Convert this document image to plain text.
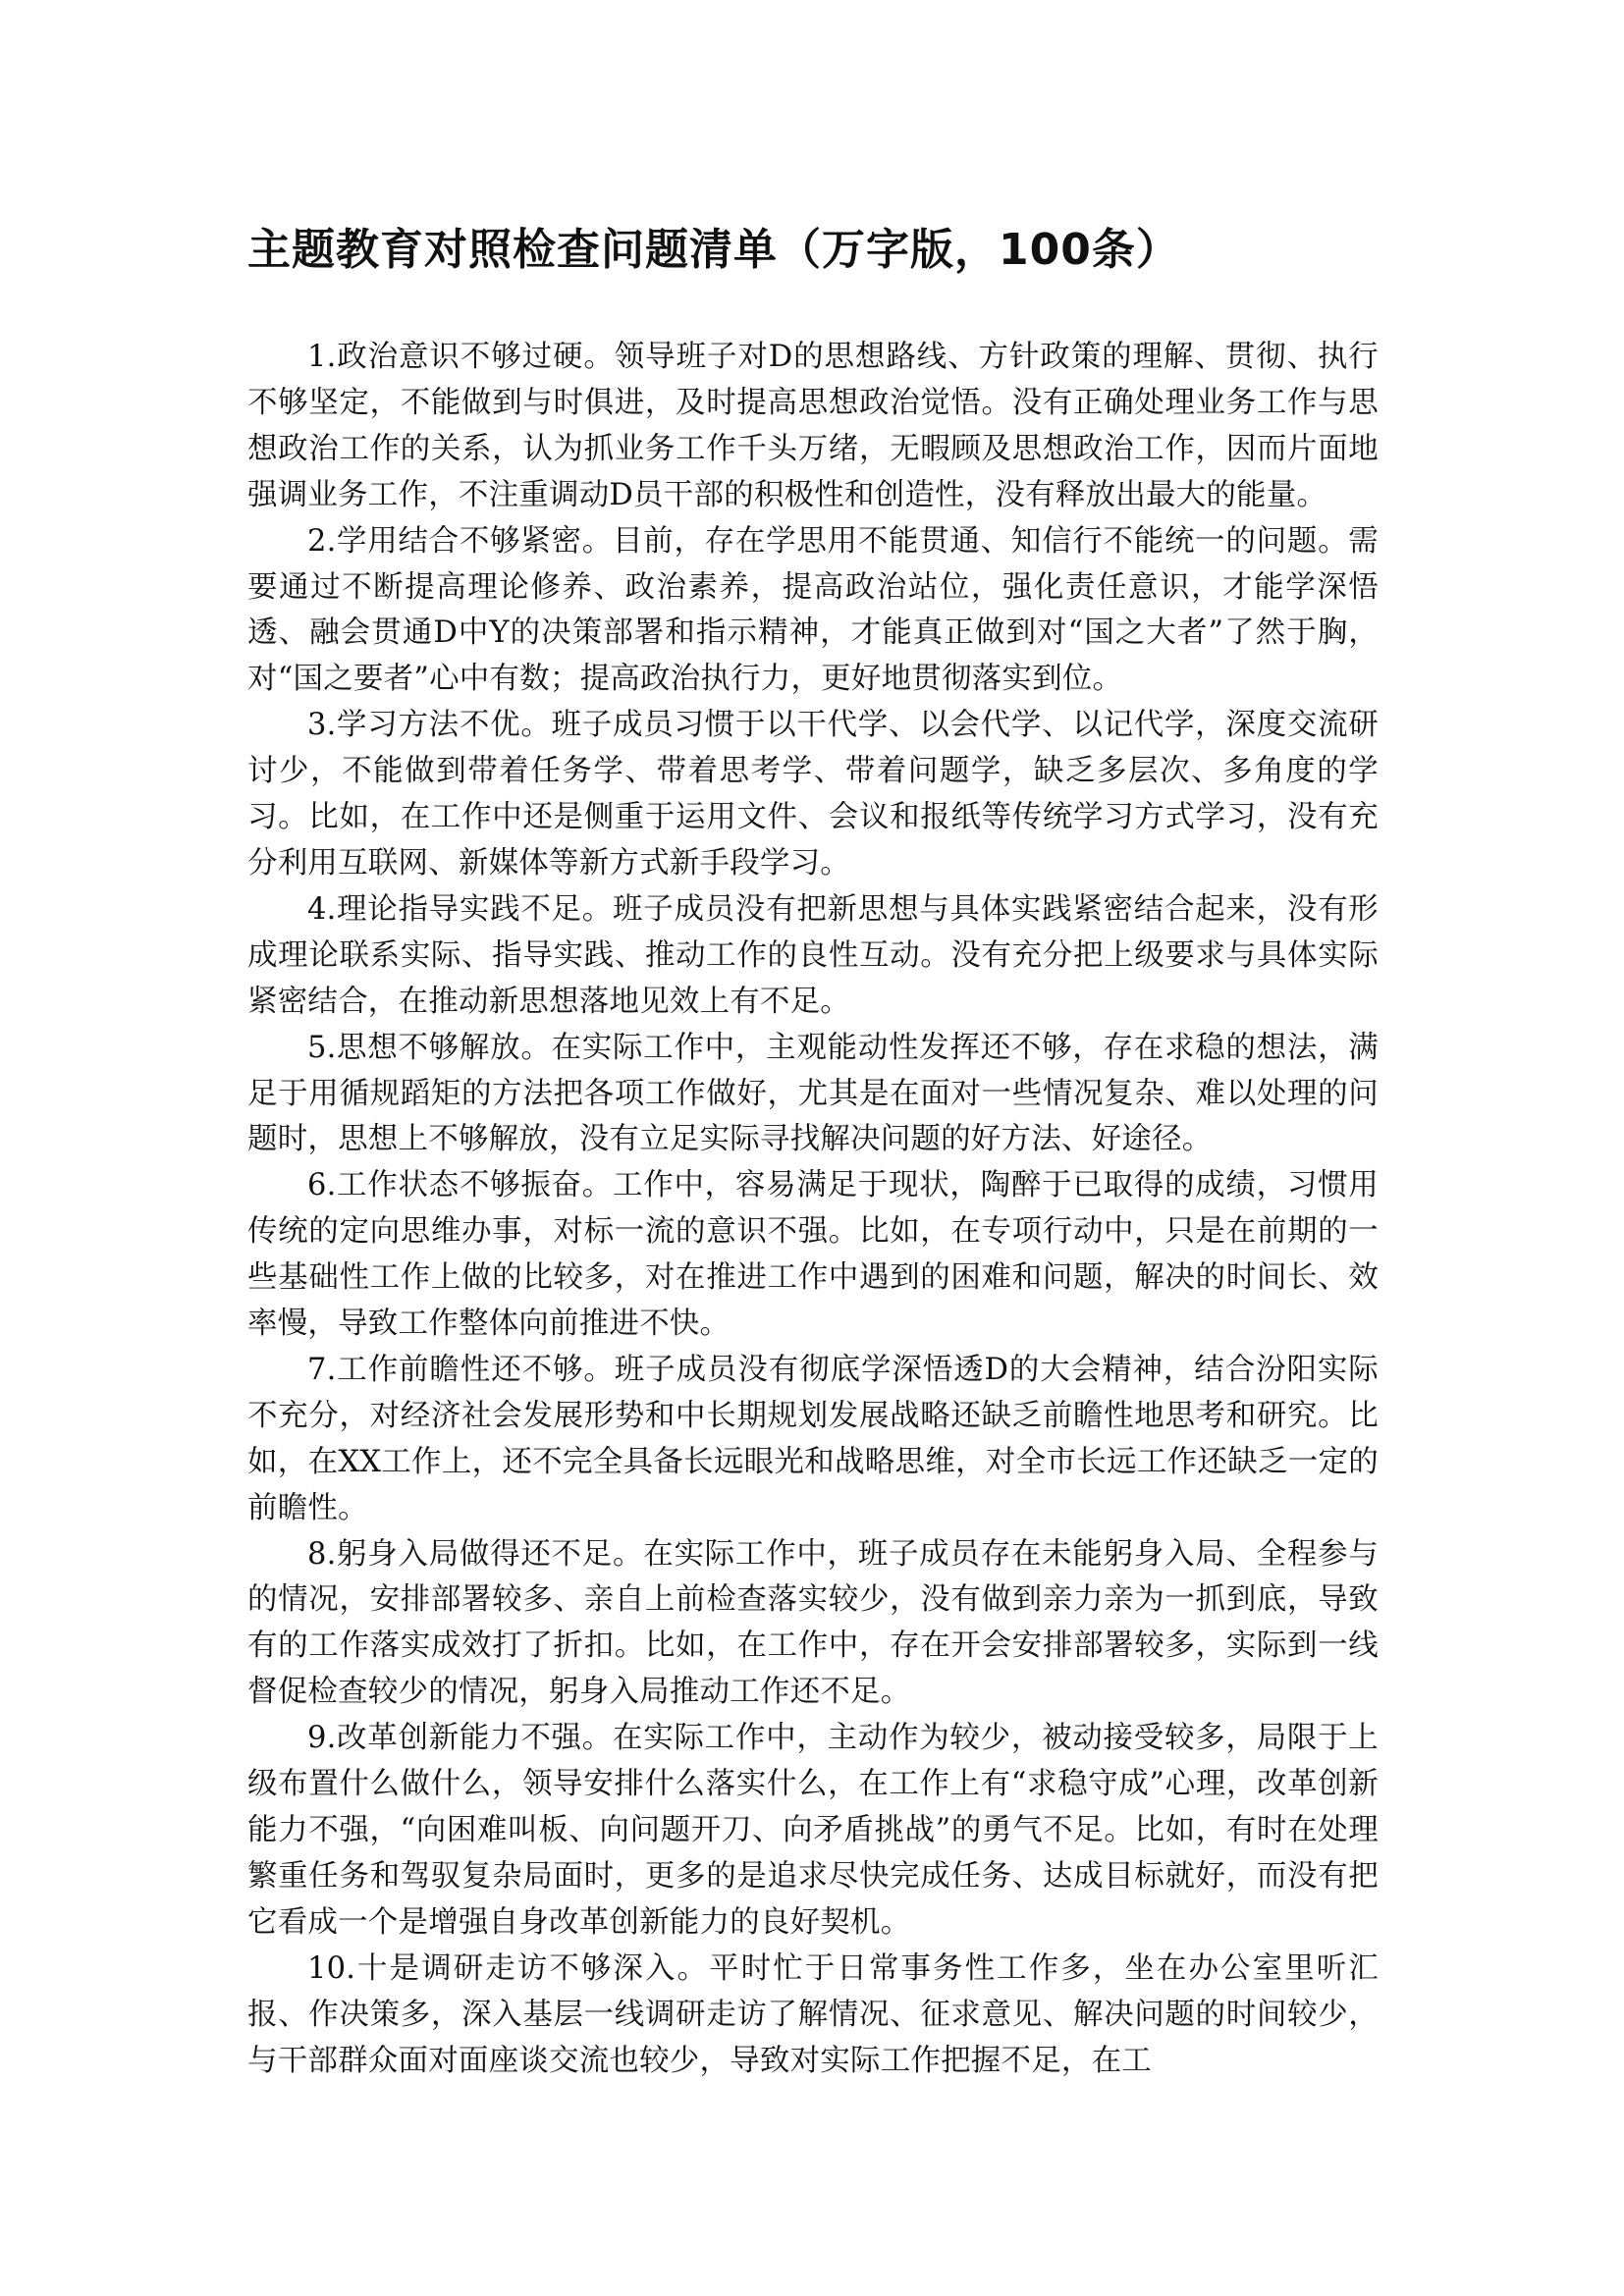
主题教育对照检查问题清单（万字版，100条）

1.政治意识不够过硬。领导班子对D的思想路线、方针政策的理解、贯彻、执行不够坚定，不能做到与时俱进，及时提高思想政治觉悟。没有正确处理业务工作与思想政治工作的关系，认为抓业务工作千头万绪，无暇顾及思想政治工作，因而片面地强调业务工作，不注重调动D员干部的积极性和创造性，没有释放出最大的能量。

2.学用结合不够紧密。目前，存在学思用不能贯通、知信行不能统一的问题。需要通过不断提高理论修养、政治素养，提高政治站位，强化责任意识，才能学深悟透、融会贯通D中Y的决策部署和指示精神，才能真正做到对“国之大者”了然于胸，对“国之要者”心中有数；提高政治执行力，更好地贯彻落实到位。

3.学习方法不优。班子成员习惯于以干代学、以会代学、以记代学，深度交流研讨少，不能做到带着任务学、带着思考学、带着问题学，缺乏多层次、多角度的学习。比如，在工作中还是侧重于运用文件、会议和报纸等传统学习方式学习，没有充分利用互联网、新媒体等新方式新手段学习。

4.理论指导实践不足。班子成员没有把新思想与具体实践紧密结合起来，没有形成理论联系实际、指导实践、推动工作的良性互动。没有充分把上级要求与具体实际紧密结合，在推动新思想落地见效上有不足。

5.思想不够解放。在实际工作中，主观能动性发挥还不够，存在求稳的想法，满足于用循规蹈矩的方法把各项工作做好，尤其是在面对一些情况复杂、难以处理的问题时，思想上不够解放，没有立足实际寻找解决问题的好方法、好途径。

6.工作状态不够振奋。工作中，容易满足于现状，陶醉于已取得的成绩，习惯用传统的定向思维办事，对标一流的意识不强。比如，在专项行动中，只是在前期的一些基础性工作上做的比较多，对在推进工作中遇到的困难和问题，解决的时间长、效率慢，导致工作整体向前推进不快。

7.工作前瞻性还不够。班子成员没有彻底学深悟透D的大会精神，结合汾阳实际不充分，对经济社会发展形势和中长期规划发展战略还缺乏前瞻性地思考和研究。比如，在XX工作上，还不完全具备长远眼光和战略思维，对全市长远工作还缺乏一定的前瞻性。

8.躬身入局做得还不足。在实际工作中，班子成员存在未能躬身入局、全程参与的情况，安排部署较多、亲自上前检查落实较少，没有做到亲力亲为一抓到底，导致有的工作落实成效打了折扣。比如，在工作中，存在开会安排部署较多，实际到一线督促检查较少的情况，躬身入局推动工作还不足。

9.改革创新能力不强。在实际工作中，主动作为较少，被动接受较多，局限于上级布置什么做什么，领导安排什么落实什么，在工作上有“求稳守成”心理，改革创新能力不强，“向困难叫板、向问题开刀、向矛盾挑战”的勇气不足。比如，有时在处理繁重任务和驾驭复杂局面时，更多的是追求尽快完成任务、达成目标就好，而没有把它看成一个是增强自身改革创新能力的良好契机。

10.十是调研走访不够深入。平时忙于日常事务性工作多，坐在办公室里听汇报、作决策多，深入基层一线调研走访了解情况、征求意见、解决问题的时间较少，与干部群众面对面座谈交流也较少，导致对实际工作把握不足，在工
